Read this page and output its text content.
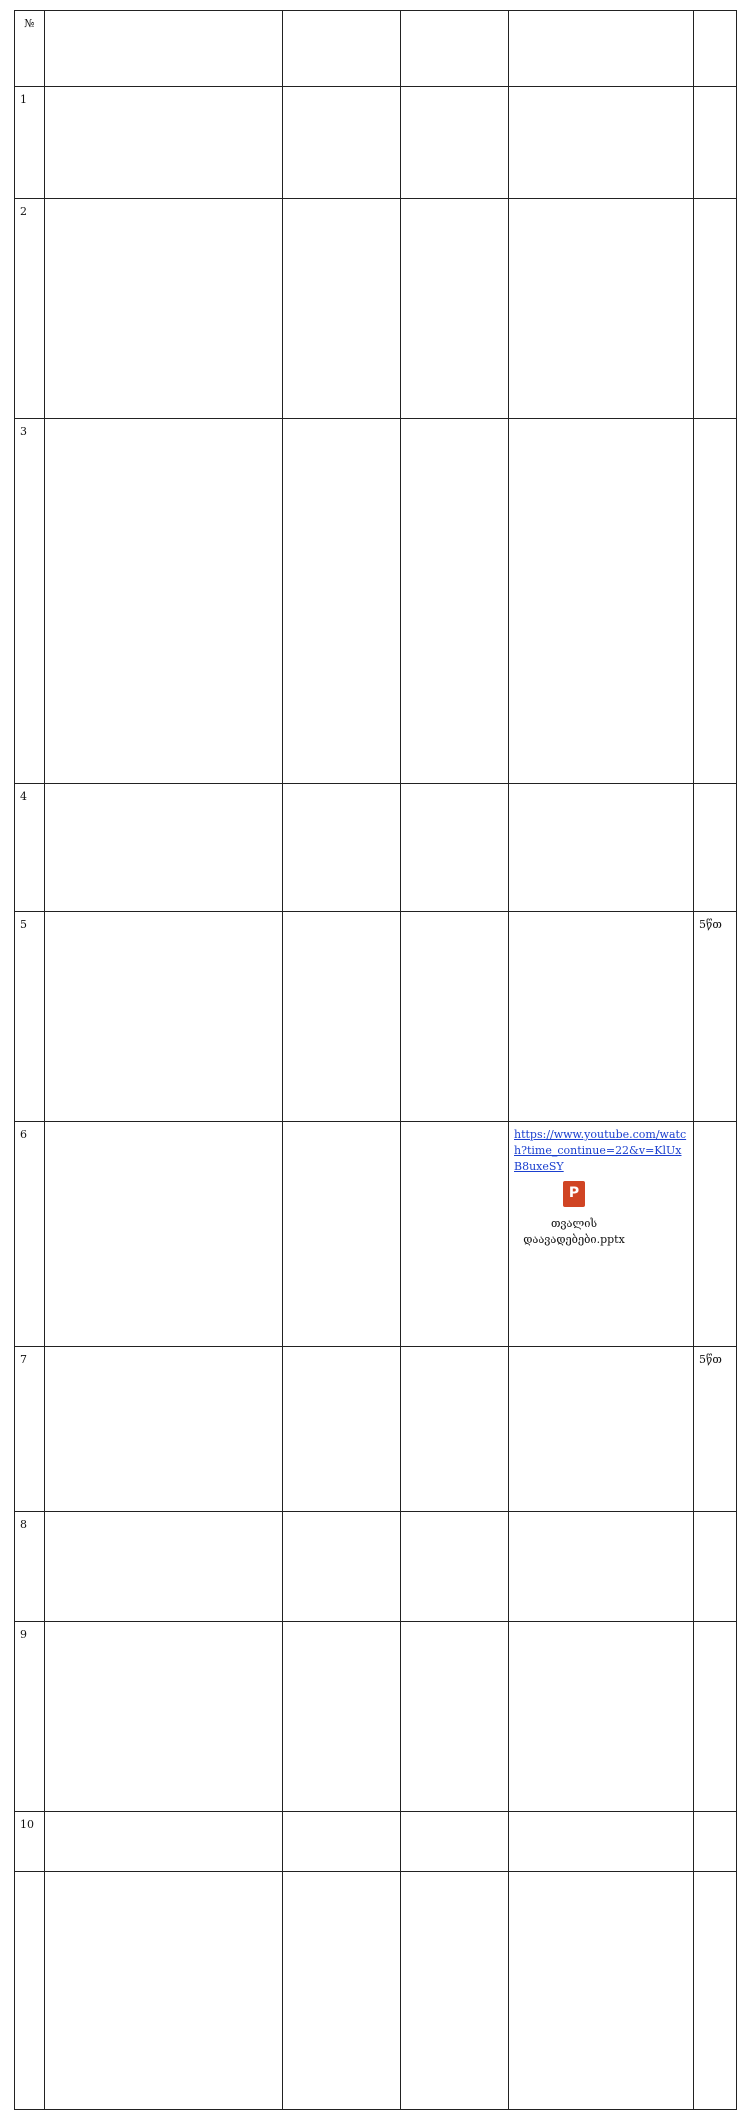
№					
1					
2					
3					
4					
5					5წთ
6				https://www.youtube.com/watch?time_continue=22&v=KlUxB8uxeSY
P
თვალის დაავადებები.pptx

7					5წთ
8					
9					
10					
